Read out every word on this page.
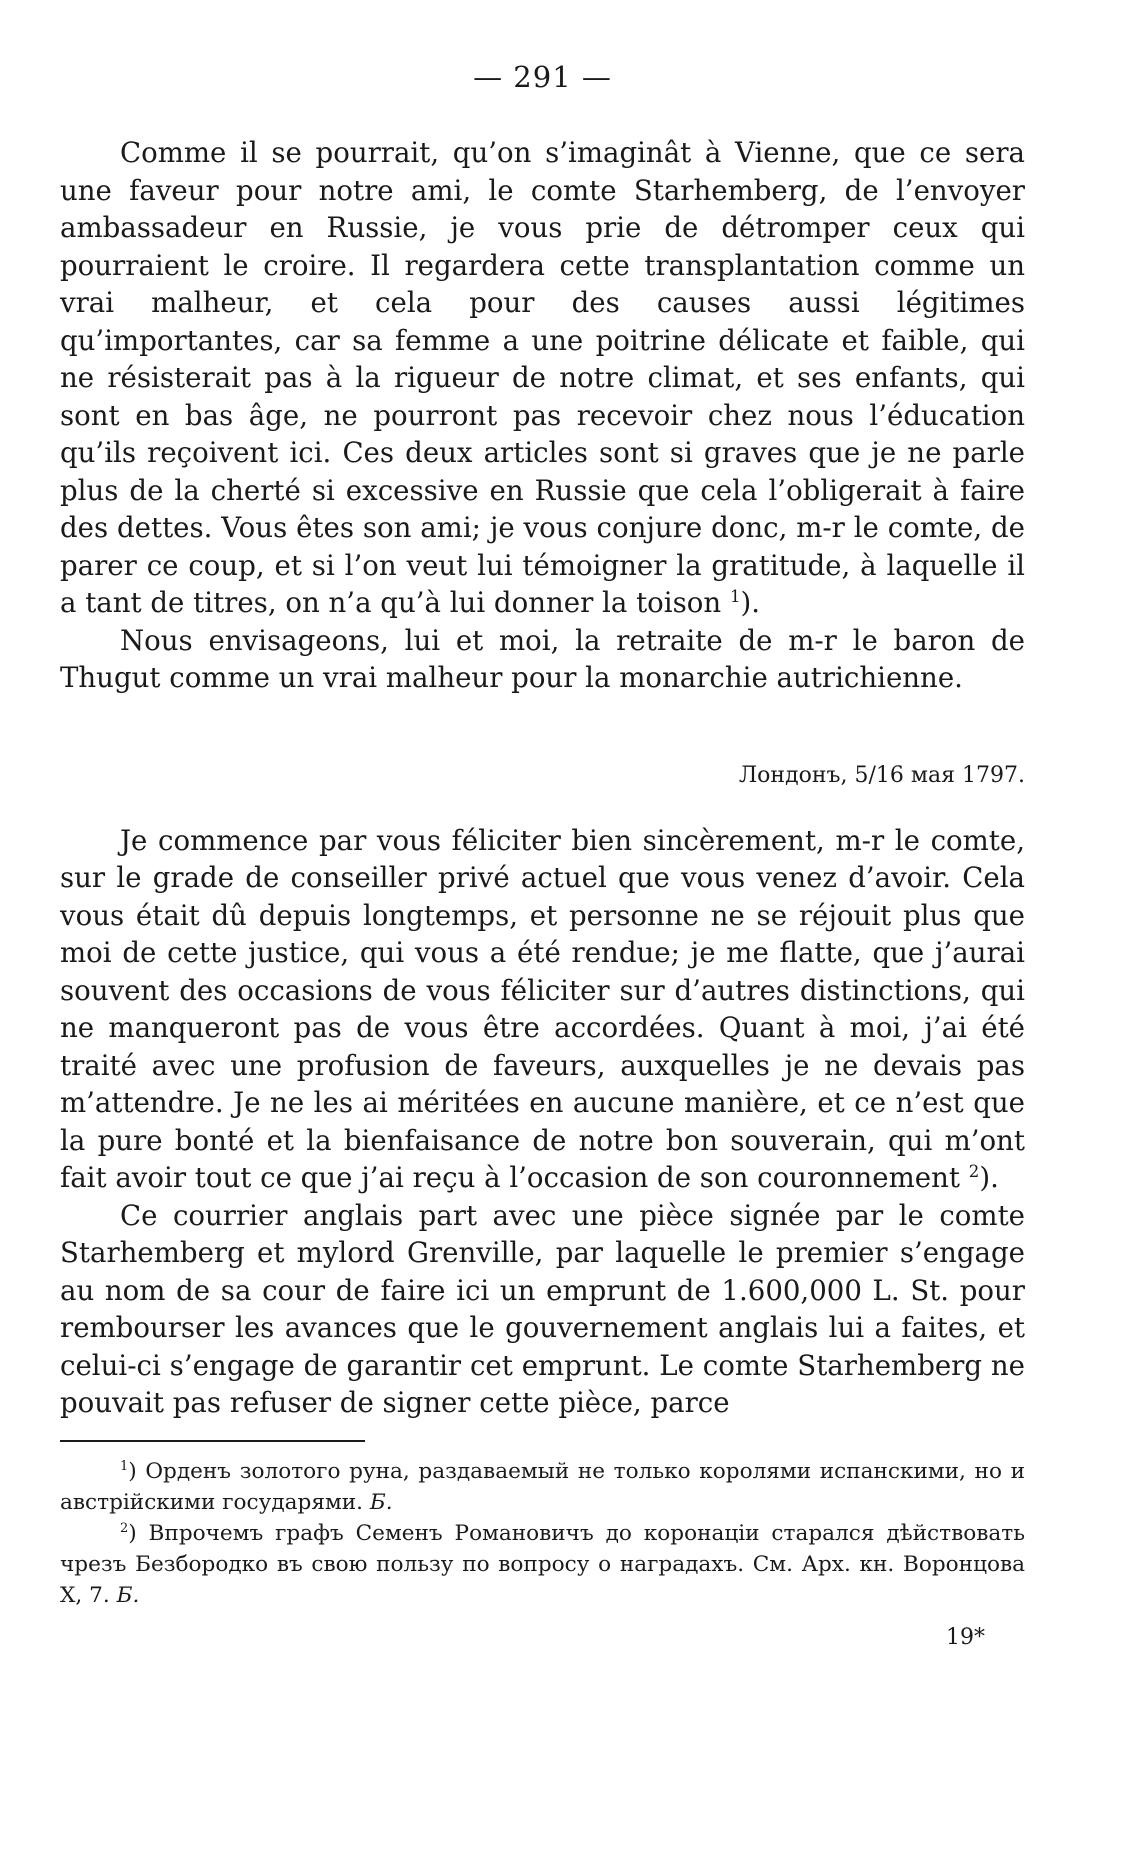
— 291 —

Comme il se pourrait, qu’on s’imaginât à Vienne, que ce sera une faveur pour notre ami, le comte Starhemberg, de l’envoyer ambassadeur en Russie, je vous prie de détromper ceux qui pourraient le croire. Il regardera cette transplantation comme un vrai malheur, et cela pour des causes aussi légitimes qu’importantes, car sa femme a une poitrine délicate et faible, qui ne résisterait pas à la rigueur de notre climat, et ses enfants, qui sont en bas âge, ne pourront pas recevoir chez nous l’éducation qu’ils reçoivent ici. Ces deux articles sont si graves que je ne parle plus de la cherté si excessive en Russie que cela l’obligerait à faire des dettes. Vous êtes son ami; je vous conjure donc, m-r le comte, de parer ce coup, et si l’on veut lui témoigner la gratitude, à laquelle il a tant de titres, on n’a qu’à lui donner la toison $^1$).

Nous envisageons, lui et moi, la retraite de m-r le baron de Thugut comme un vrai malheur pour la monarchie autrichienne.

Лондонъ, 5/16 мая 1797.

Je commence par vous féliciter bien sincèrement, m-r le comte, sur le grade de conseiller privé actuel que vous venez d’avoir. Cela vous était dû depuis longtemps, et personne ne se réjouit plus que moi de cette justice, qui vous a été rendue; je me flatte, que j’aurai souvent des occasions de vous féliciter sur d’autres distinctions, qui ne manqueront pas de vous être accordées. Quant à moi, j’ai été traité avec une profusion de faveurs, auxquelles je ne devais pas m’attendre. Je ne les ai méritées en aucune manière, et ce n’est que la pure bonté et la bienfaisance de notre bon souverain, qui m’ont fait avoir tout ce que j’ai reçu à l’occasion de son couronnement $^2$).

Ce courrier anglais part avec une pièce signée par le comte Starhemberg et mylord Grenville, par laquelle le premier s’engage au nom de sa cour de faire ici un emprunt de 1.600,000 L. St. pour rembourser les avances que le gouvernement anglais lui a faites, et celui-ci s’engage de garantir cet emprunt. Le comte Starhemberg ne pouvait pas refuser de signer cette pièce, parce

$^1$) Орденъ золотого руна, раздаваемый не только королями испанскими, но и австрійскими государями. Б.

$^2$) Впрочемъ графъ Семенъ Романовичъ до коронаціи старался дѣйствовать чрезъ Безбородко въ свою пользу по вопросу о наградахъ. См. Арх. кн. Воронцова X, 7. Б.

19*
